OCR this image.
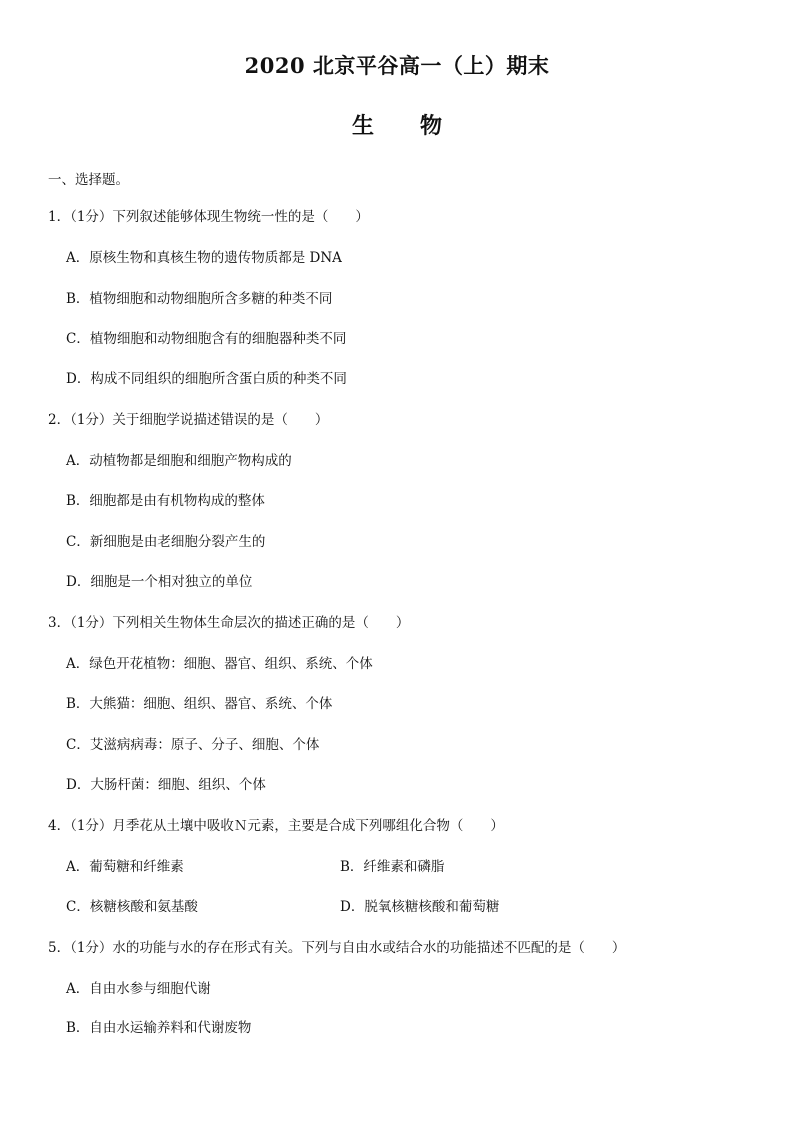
2020 北京平谷高一（上）期末
生 物
一、选择题。
1．（1分）下列叙述能够体现生物统一性的是（　　）
A．原核生物和真核生物的遗传物质都是 DNA
B．植物细胞和动物细胞所含多糖的种类不同
C．植物细胞和动物细胞含有的细胞器种类不同
D．构成不同组织的细胞所含蛋白质的种类不同
2．（1分）关于细胞学说描述错误的是（　　）
A．动植物都是细胞和细胞产物构成的
B．细胞都是由有机物构成的整体
C．新细胞是由老细胞分裂产生的
D．细胞是一个相对独立的单位
3．（1分）下列相关生物体生命层次的描述正确的是（　　）
A．绿色开花植物：细胞、器官、组织、系统、个体
B．大熊猫：细胞、组织、器官、系统、个体
C．艾滋病病毒：原子、分子、细胞、个体
D．大肠杆菌：细胞、组织、个体
4．（1分）月季花从土壤中吸收Ｎ元素，主要是合成下列哪组化合物（　　）
A．葡萄糖和纤维素	B．纤维素和磷脂
C．核糖核酸和氨基酸	D．脱氧核糖核酸和葡萄糖
5．（1分）水的功能与水的存在形式有关。下列与自由水或结合水的功能描述不匹配的是（　　）
A．自由水参与细胞代谢
B．自由水运输养料和代谢废物
